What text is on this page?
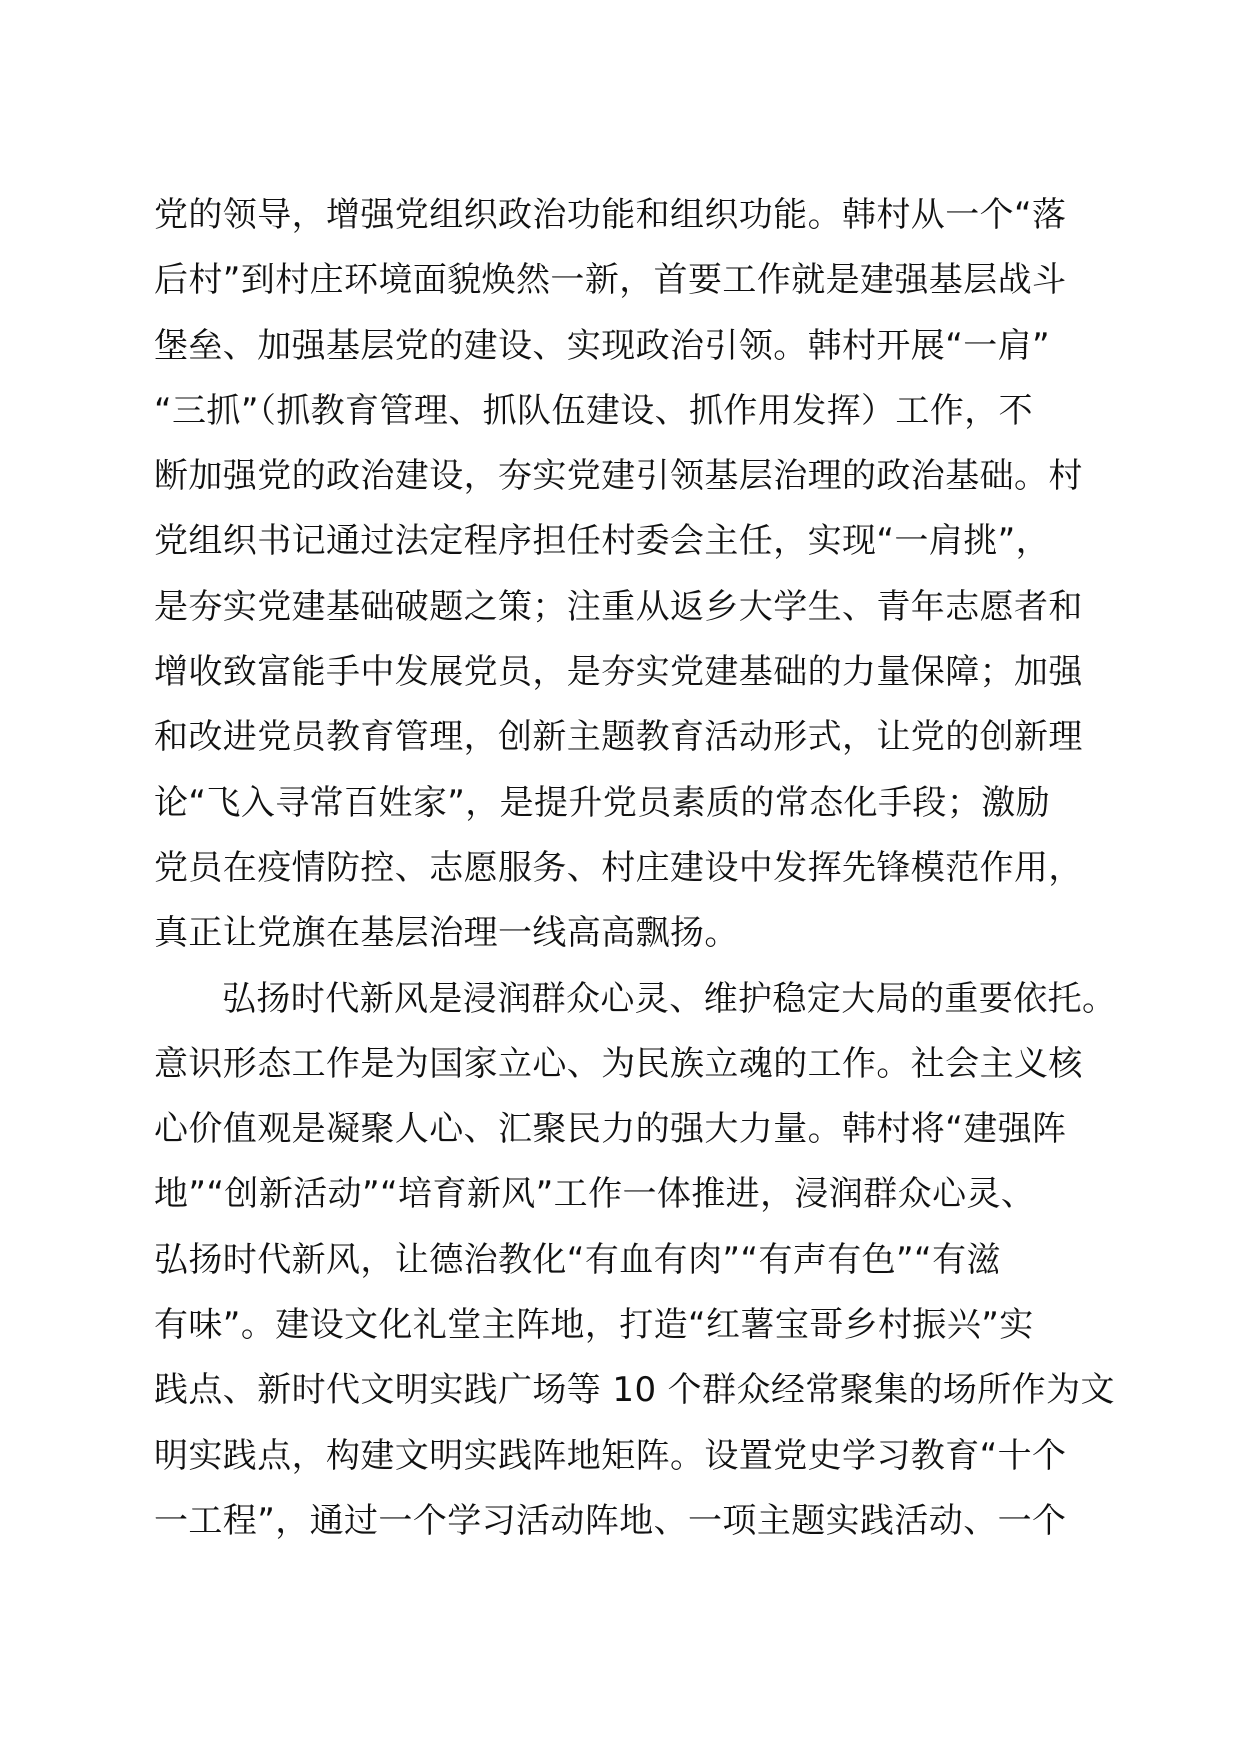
党的领导，增强党组织政治功能和组织功能。韩村从一个“落
后村”到村庄环境面貌焕然一新，首要工作就是建强基层战斗
堡垒、加强基层党的建设、实现政治引领。韩村开展“一肩”
“三抓”（抓教育管理、抓队伍建设、抓作用发挥）工作，不
断加强党的政治建设，夯实党建引领基层治理的政治基础。村
党组织书记通过法定程序担任村委会主任，实现“一肩挑”，
是夯实党建基础破题之策；注重从返乡大学生、青年志愿者和
增收致富能手中发展党员，是夯实党建基础的力量保障；加强
和改进党员教育管理，创新主题教育活动形式，让党的创新理
论“飞入寻常百姓家”，是提升党员素质的常态化手段；激励
党员在疫情防控、志愿服务、村庄建设中发挥先锋模范作用，
真正让党旗在基层治理一线高高飘扬。
弘扬时代新风是浸润群众心灵、维护稳定大局的重要依托。
意识形态工作是为国家立心、为民族立魂的工作。社会主义核
心价值观是凝聚人心、汇聚民力的强大力量。韩村将“建强阵
地”“创新活动”“培育新风”工作一体推进，浸润群众心灵、
弘扬时代新风，让德治教化“有血有肉”“有声有色”“有滋
有味”。建设文化礼堂主阵地，打造“红薯宝哥乡村振兴”实
践点、新时代文明实践广场等 10 个群众经常聚集的场所作为文
明实践点，构建文明实践阵地矩阵。设置党史学习教育“十个
一工程”，通过一个学习活动阵地、一项主题实践活动、一个
